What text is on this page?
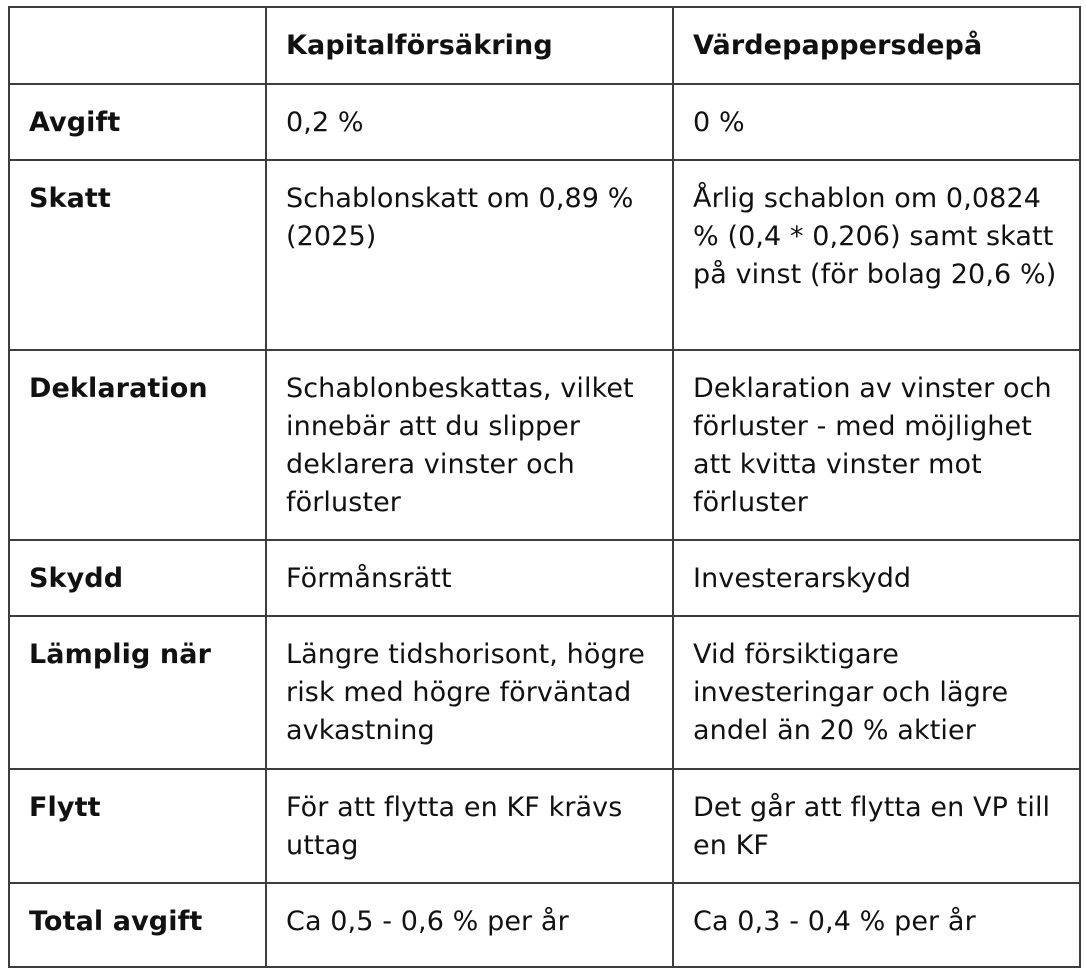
	Kapitalförsäkring	Värdepappersdepå
Avgift	0,2 %	0 %
Skatt	Schablonskatt om 0,89 % (2025)	Årlig schablon om 0,0824 % (0,4 * 0,206) samt skatt på vinst (för bolag 20,6 %)
Deklaration	Schablonbeskattas, vilket innebär att du slipper deklarera vinster och förluster	Deklaration av vinster och förluster - med möjlighet att kvitta vinster mot förluster
Skydd	Förmånsrätt	Investerarskydd
Lämplig när	Längre tidshorisont, högre risk med högre förväntad avkastning	Vid försiktigare investeringar och lägre andel än 20 % aktier
Flytt	För att flytta en KF krävs uttag	Det går att flytta en VP till en KF
Total avgift	Ca 0,5 - 0,6 % per år	Ca 0,3 - 0,4 % per år
